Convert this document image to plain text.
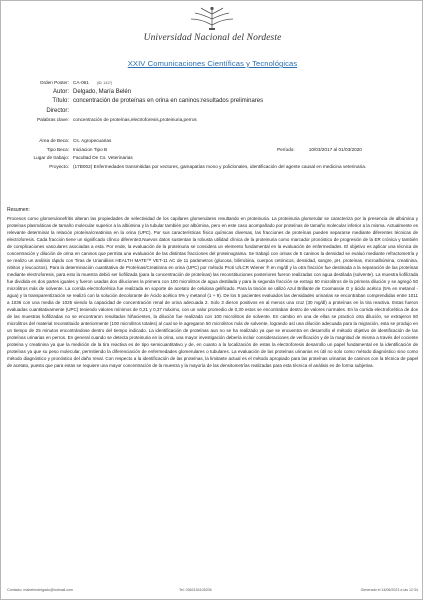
Universidad Nacional del Nordeste
XXIV Comunicaciones Científicas y Tecnológicas
Orden Poster: CA-061 (ID: 1417)
Autor: Delgado, María Belén
Título: concentración de proteínas en orina en caninos:resultados preliminares
Director:
Palabras clave: concentración de proteínas,electroforesis,proteinuria,perros
Área de Beca: Cs. Agropecuarias
Tipo Beca: Iniciacion Tipo B	Período:	10/03/2017 al 01/03/2020
Lugar de trabajo: Facultad De Cs. Veterinarias
Proyecto: (17B002) Enfermedades transmitidas por vectores, gamapatías mono y policlonales, identificación del agente causal en medicina veterinaria.
Resumen:
Procesos como glomerulonefritis alteran las propiedades de selectividad de los capilares glomerulares resultando en proteinuria. La proteinuria glomerular se caracteriza por la presencia de albúmina y proteínas plasmáticas de tamaño molecular superior a la albúmina y la tubular también por albúmina, pero en este caso acompañado por proteínas de tamaño molecular inferior a la misma. Actualmente es relevante determinar la relación proteína/creatinina en la orina (UPC). Por sus características físico químicas diversas, las fracciones de proteínas pueden separarse mediante diferentes técnicas de electroforesis. Cada fracción tiene un significado clínico diferente3.Nuevos datos sustentan la robusta utilidad clínica de la proteinuria como marcador pronóstico de progresión de la ER crónica y también de complicaciones vasculares asociadas a esta. Por ende, la evaluación de la proteinuria se considera un elemento fundamental en la evaluación de enfermedades. El objetivo es aplicar una técnica de concentración y dilución de orina en caninos que permita una evaluación de las distintas fracciones del proteinograma. Se trabajó con orinas de 5 caninos la densidad se evaluó mediante refractometría y se realizo un análisis rápido con Tiras de Urianálisis HEALTH MATE™ VET-11 AC de 11 parámetros (glucosa, bilirrubina, cuerpos cetónicos, densidad, sangre, pH, proteínas, microalbúmina, creatinina, nitritos y leucocitos). Para la determinación cuantitativa de Proteínas/Creatinina en orina (UPC) por método Proti U/LCR Wiener ® en mg/dl y la otra fracción fue destinada a la separación de las proteínas mediante electroforesis, para esto la muestra debió ser liofilizada (para la concentración de proteínas) las reconstituciones posteriores fueron realizadas con agua destilada (solvente). La muestra liofilizada fue dividida en dos partes iguales y fueron usadas dos diluciones la primera con 100 microlitros de agua destilada y para la segunda fracción se extrajo 50 microlitros de la primera dilución y se agregó 50 microlitros más de solvente. La corrida electroforética fue realizada en soporte de acetato de celulosa gelificado. Para la tinción se utilizó Azul Brillante de Coomassie G y ácido acético (5% en metanol - agua) y la transparentización se realizó con la solución decolorante de Ácido acético 5% y metanol (1 + 9). De los 5 pacientes evaluados las densidades urinarias se encontraban comprendidas entre 1011 a 1036 con una media de 1025 siendo la capacidad de concentración renal de orina adecuada 2. Solo 3 dieron positivos en al menos una cruz (30 mg/dl) a proteínas en la tira reactiva. Estas fueron evaluadas cuantitativamente (UPC) teniendo valores mínimos de 0,21 y 0,37 máximo, con un valor promedio de 0,30 estos se encontraban dentro de valores normales. En la corrida electroforética de dos de las muestras liofilizadas no se encontraron resultados hiñacientes, la dilución fue realizada con 100 microlitros de solvente. En cambio en una de ellas se practicó otra dilución, se extrajeron 50 microlitros del material reconstituido anteriormente (100 microlitros totales) al cual se le agregaron 50 microlitros más de solvente, logrando así una dilución adecuada para la migración, esta se produjo en un tiempo de 25 minutos encontrándose dentro del tiempo indicado. La identificación de proteínas aun no se ha realizado ya que se encuentra en desarrollo el método objetivo de identificación de las proteínas urinarias en perros. En general cuando se detecta proteinuria en la orina, una mayor investigación debería incluir consideraciones de verificación y de la magnitud de misma a través del cociente proteína y creatinina ya que la medición de la tira reactiva es de tipo semicuantitativo y de, en cuanto a la localización de estas la electroforesis desarrollo un papel fundamental en la identificación de proteínas ya que su peso molecular, permitiendo la diferenciación de enfermedades glomerulares o tubulares. La evaluación de las proteínas urinarias es útil no solo como método diagnóstico sino como método diagnóstico y pronóstico del daño renal. Con respecto a la identificación de las proteínas, la limitante actual es el método apropiado para las proteínas urinarias de caninos con la técnica de papel de acetato, puesto que para estas se requiere una mayor concentración de la muestra y la mayoría de las densitometrías realizadas para esta técnica el análisis es de forma subjetiva.
Contacto: mabelendelgado@hotmail.com	Tel: 0362154105206	Generado el 14/06/2023 a las 12:34
